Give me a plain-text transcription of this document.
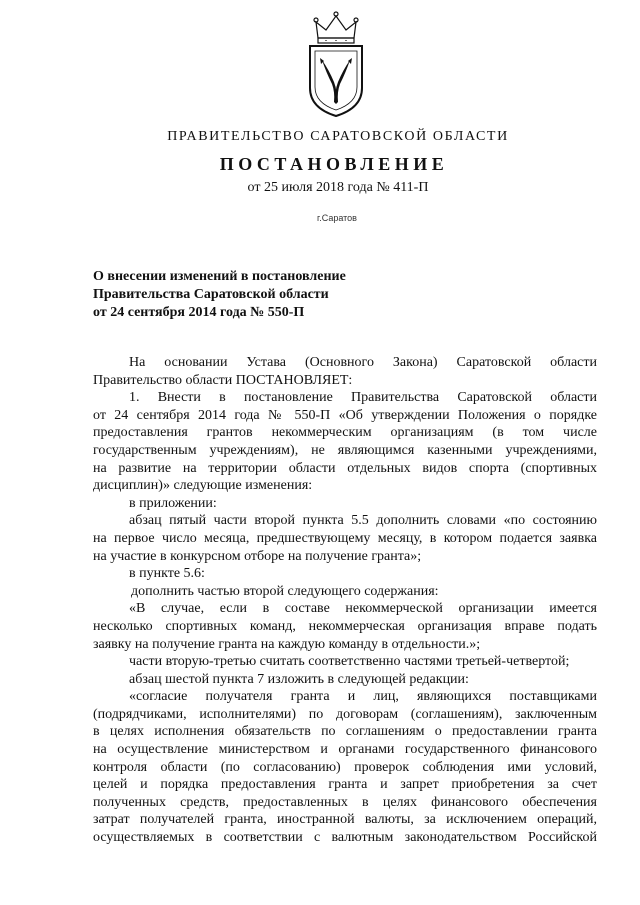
ПРАВИТЕЛЬСТВО САРАТОВСКОЙ ОБЛАСТИ
ПОСТАНОВЛЕНИЕ
от 25 июля 2018 года № 411-П
г.Саратов
О внесении изменений в постановление
Правительства Саратовской области
от 24 сентября 2014 года № 550-П
На основании Устава (Основного Закона) Саратовской области
Правительство области ПОСТАНОВЛЯЕТ:
1. Внести в постановление Правительства Саратовской области
от 24 сентября 2014 года № 550-П «Об утверждении Положения о порядке
предоставления грантов некоммерческим организациям (в том числе
государственным учреждениям), не являющимся казенными учреждениями,
на развитие на территории области отдельных видов спорта (спортивных
дисциплин)» следующие изменения:
в приложении:
абзац пятый части второй пункта 5.5 дополнить словами «по состоянию
на первое число месяца, предшествующему месяцу, в котором подается заявка
на участие в конкурсном отборе на получение гранта»;
в пункте 5.6:
дополнить частью второй следующего содержания:
«В случае, если в составе некоммерческой организации имеется
несколько спортивных команд, некоммерческая организация вправе подать
заявку на получение гранта на каждую команду в отдельности.»;
части вторую-третью считать соответственно частями третьей-четвертой;
абзац шестой пункта 7 изложить в следующей редакции:
«согласие получателя гранта и лиц, являющихся поставщиками
(подрядчиками, исполнителями) по договорам (соглашениям), заключенным
в целях исполнения обязательств по соглашениям о предоставлении гранта
на осуществление министерством и органами государственного финансового
контроля области (по согласованию) проверок соблюдения ими условий,
целей и порядка предоставления гранта и запрет приобретения за счет
полученных средств, предоставленных в целях финансового обеспечения
затрат получателей гранта, иностранной валюты, за исключением операций,
осуществляемых в соответствии с валютным законодательством Российской
